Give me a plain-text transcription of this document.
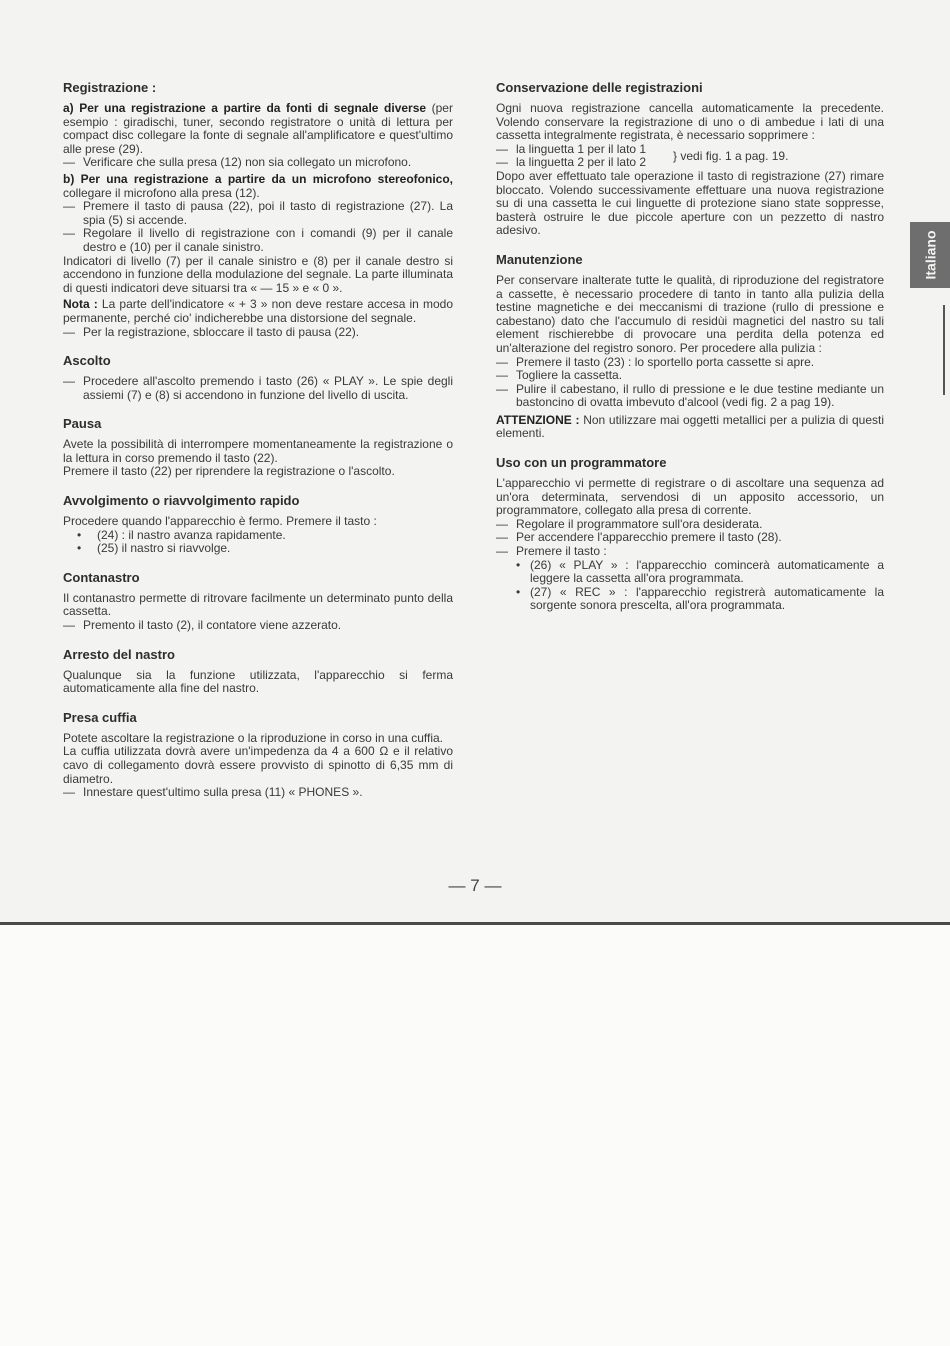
Registrazione :

a) Per una registrazione a partire da fonti di segnale diverse (per esempio : giradischi, tuner, secondo registratore o unità di lettura per compact disc collegare la fonte di segnale all'amplificatore e quest'ultimo alle prese (29).

— Verificare che sulla presa (12) non sia collegato un microfono.

b) Per una registrazione a partire da un microfono stereofonico, collegare il microfono alla presa (12).

— Premere il tasto di pausa (22), poi il tasto di registrazione (27). La spia (5) si accende.
— Regolare il livello di registrazione con i comandi (9) per il canale destro e (10) per il canale sinistro.

Indicatori di livello (7) per il canale sinistro e (8) per il canale destro si accendono in funzione della modulazione del segnale. La parte illuminata di questi indicatori deve situarsi tra « — 15 » e « 0 ».

Nota : La parte dell'indicatore « + 3 » non deve restare accesa in modo permanente, perché cio' indicherebbe una distorsione del segnale.

— Per la registrazione, sbloccare il tasto di pausa (22).
Ascolto
— Procedere all'ascolto premendo i tasto (26) « PLAY ». Le spie degli assiemi (7) e (8) si accendono in funzione del livello di uscita.
Pausa

Avete la possibilità di interrompere momentaneamente la registrazione o la lettura in corso premendo il tasto (22).

Premere il tasto (22) per riprendere la registrazione o l'ascolto.

Avvolgimento o riavvolgimento rapido

Procedere quando l'apparecchio è fermo. Premere il tasto :

•	(24) : il nastro avanza rapidamente.
•	(25) il nastro si riavvolge.
Contanastro

Il contanastro permette di ritrovare facilmente un determinato punto della cassetta.

— Premento il tasto (2), il contatore viene azzerato.
Arresto del nastro

Qualunque sia la funzione utilizzata, l'apparecchio si ferma automaticamente alla fine del nastro.

Presa cuffia

Potete ascoltare la registrazione o la riproduzione in corso in una cuffia.

La cuffia utilizzata dovrà avere un'impedenza da 4 a 600 Ω e il relativo cavo di collegamento dovrà essere provvisto di spinotto di 6,35 mm di diametro.

— Innestare quest'ultimo sulla presa (11) « PHONES ».
Conservazione delle registrazioni

Ogni nuova registrazione cancella automaticamente la precedente. Volendo conservare la registrazione di uno o di ambedue i lati di una cassetta integralmente registrata, è necessario sopprimere :

— la linguetta 1 per il lato 1
— la linguetta 2 per il lato 2	} vedi fig. 1 a pag. 19.

Dopo aver effettuato tale operazione il tasto di registrazione (27) rimare bloccato. Volendo successivamente effettuare una nuova registrazione su di una cassetta le cui linguette di protezione siano state soppresse, basterà ostruire le due piccole aperture con un pezzetto di nastro adesivo.

Manutenzione

Per conservare inalterate tutte le qualità, di riproduzione del registratore a cassette, è necessario procedere di tanto in tanto alla pulizia della testine magnetiche e dei meccanismi di trazione (rullo di pressione e cabestano) dato che l'accumulo di residùi magnetici del nastro su tali element rischierebbe di provocare una perdita della potenza ed un'alterazione del registro sonoro. Per procedere alla pulizia :

— Premere il tasto (23) : lo sportello porta cassette si apre.
— Togliere la cassetta.
— Pulire il cabestano, il rullo di pressione e le due testine mediante un bastoncino di ovatta imbevuto d'alcool (vedi fig. 2 a pag 19).

ATTENZIONE : Non utilizzare mai oggetti metallici per a pulizia di questi elementi.

Uso con un programmatore

L'apparecchio vi permette di registrare o di ascoltare una sequenza ad un'ora determinata, servendosi di un apposito accessorio, un programmatore, collegato alla presa di corrente.

— Regolare il programmatore sull'ora desiderata.
— Per accendere l'apparecchio premere il tasto (28).
— Premere il tasto :
• (26) « PLAY » : l'apparecchio comincerà automaticamente a leggere la cassetta all'ora programmata.
• (27) « REC » : l'apparecchio registrerà automaticamente la sorgente sonora prescelta, all'ora programmata.
Italiano
— 7 —
